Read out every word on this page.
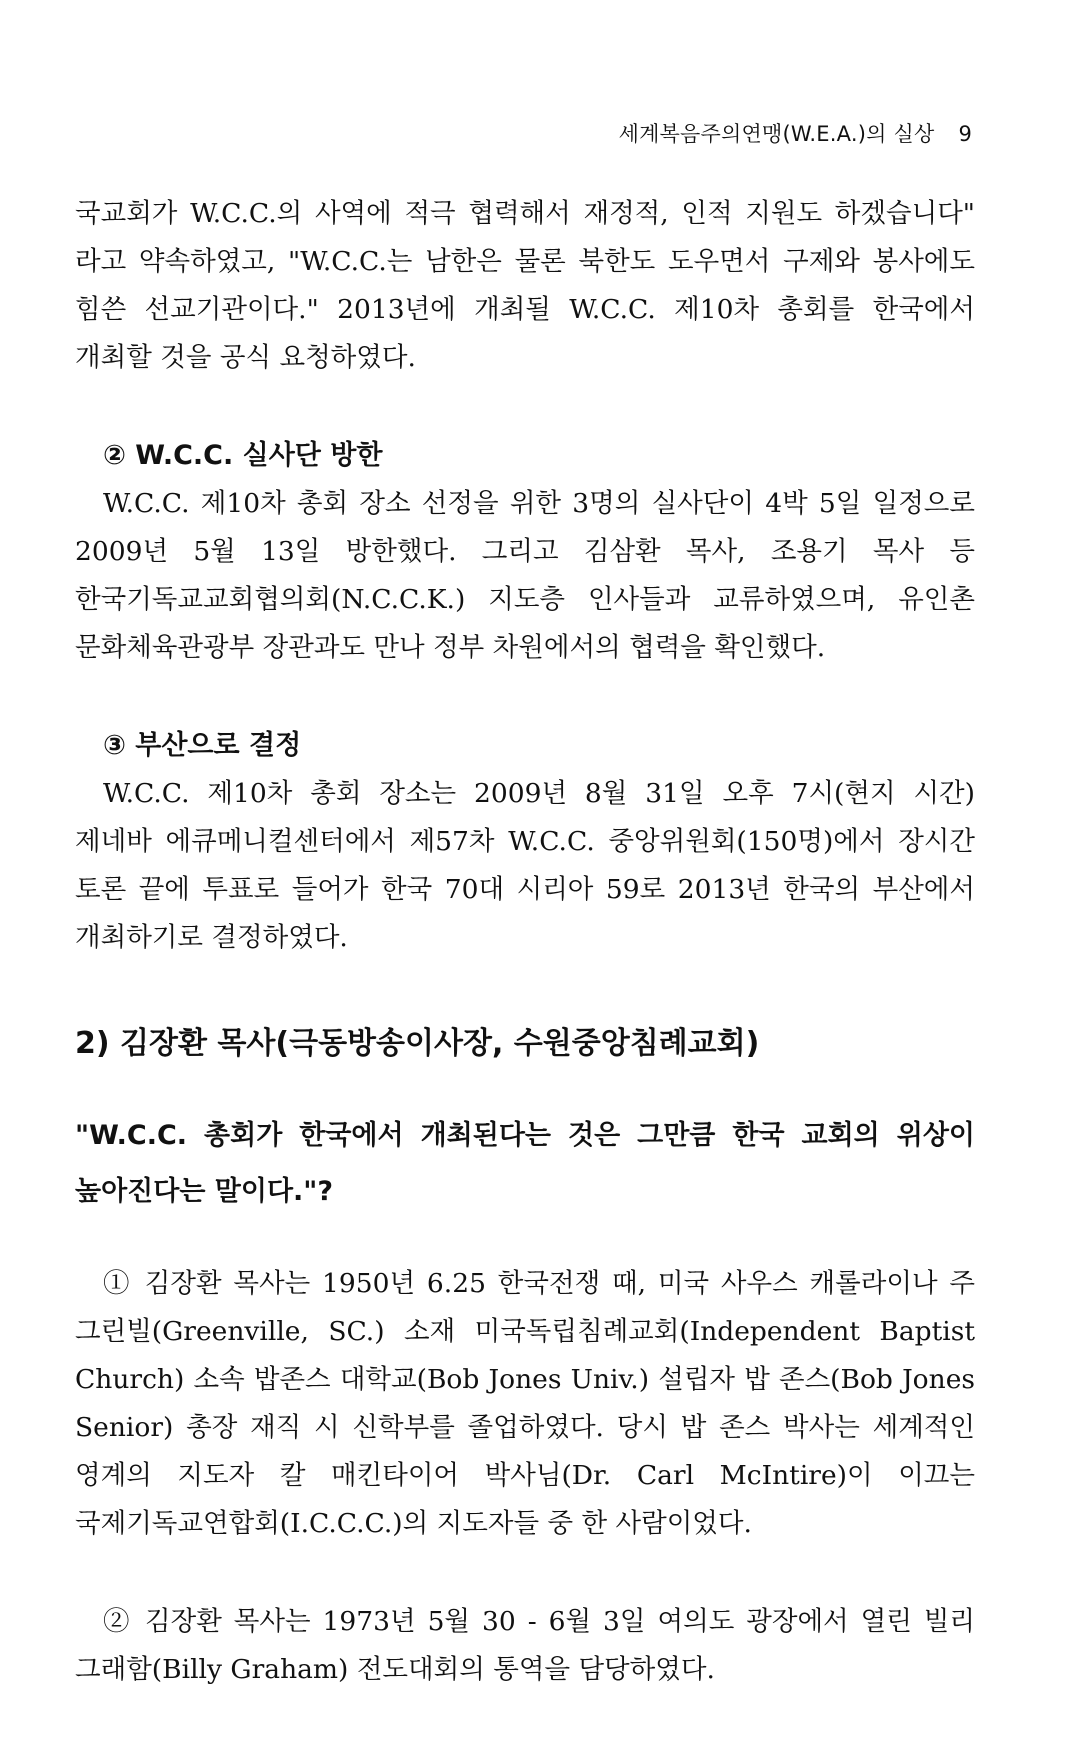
세계복음주의연맹(W.E.A.)의 실상 9

국교회가 W.C.C.의 사역에 적극 협력해서 재정적, 인적 지원도 하겠습니다" 라고 약속하였고, "W.C.C.는 남한은 물론 북한도 도우면서 구제와 봉사에도 힘쓴 선교기관이다." 2013년에 개최될 W.C.C. 제10차 총회를 한국에서 개최할 것을 공식 요청하였다.

② W.C.C. 실사단 방한

W.C.C. 제10차 총회 장소 선정을 위한 3명의 실사단이 4박 5일 일정으로 2009년 5월 13일 방한했다. 그리고 김삼환 목사, 조용기 목사 등 한국기독교교회협의회(N.C.C.K.) 지도층 인사들과 교류하였으며, 유인촌 문화체육관광부 장관과도 만나 정부 차원에서의 협력을 확인했다.

③ 부산으로 결정

W.C.C. 제10차 총회 장소는 2009년 8월 31일 오후 7시(현지 시간) 제네바 에큐메니컬센터에서 제57차 W.C.C. 중앙위원회(150명)에서 장시간 토론 끝에 투표로 들어가 한국 70대 시리아 59로 2013년 한국의 부산에서 개최하기로 결정하였다.

2) 김장환 목사(극동방송이사장, 수원중앙침례교회)

"W.C.C. 총회가 한국에서 개최된다는 것은 그만큼 한국 교회의 위상이 높아진다는 말이다."?

① 김장환 목사는 1950년 6.25 한국전쟁 때, 미국 사우스 캐롤라이나 주 그린빌(Greenville, SC.) 소재 미국독립침례교회(Independent Baptist Church) 소속 밥존스 대학교(Bob Jones Univ.) 설립자 밥 존스(Bob Jones Senior) 총장 재직 시 신학부를 졸업하였다. 당시 밥 존스 박사는 세계적인 영계의 지도자 칼 매킨타이어 박사님(Dr. Carl McIntire)이 이끄는 국제기독교연합회(I.C.C.C.)의 지도자들 중 한 사람이었다.

② 김장환 목사는 1973년 5월 30 - 6월 3일 여의도 광장에서 열린 빌리 그래함(Billy Graham) 전도대회의 통역을 담당하였다.
